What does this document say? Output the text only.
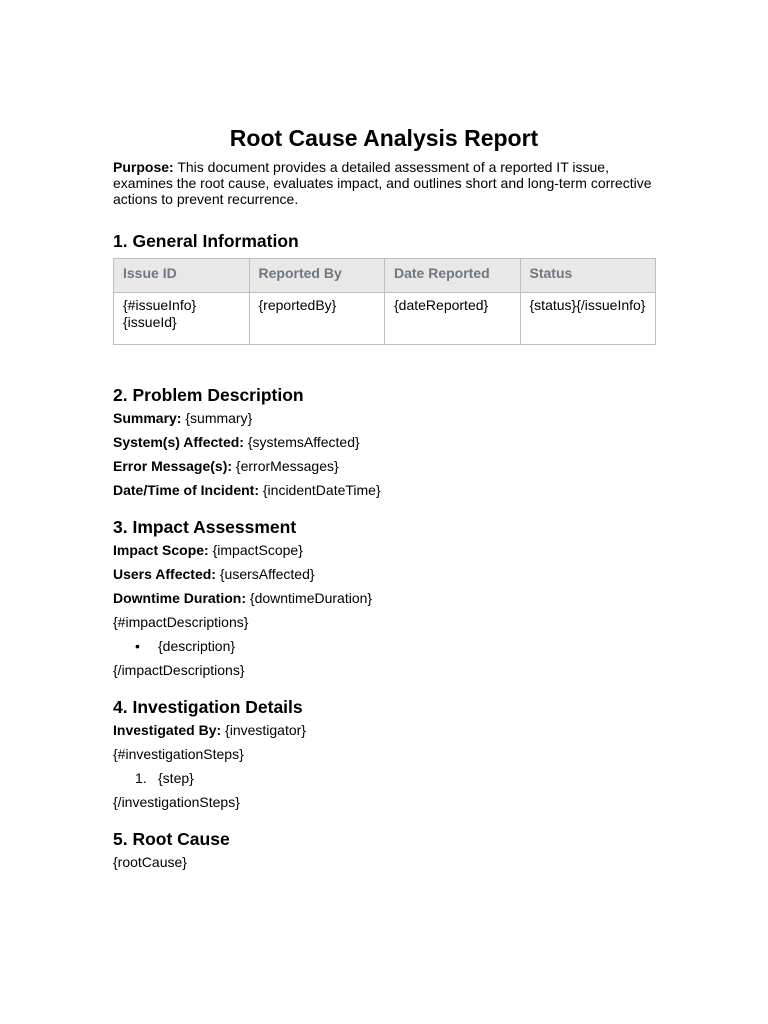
Root Cause Analysis Report

Purpose: This document provides a detailed assessment of a reported IT issue, examines the root cause, evaluates impact, and outlines short and long-term corrective actions to prevent recurrence.

1. General Information
Issue ID	Reported By	Date Reported	Status
{#issueInfo}
{issueId}	{reportedBy}	{dateReported}	{status}{/issueInfo}
2. Problem Description
Summary: {summary}
System(s) Affected: {systemsAffected}
Error Message(s): {errorMessages}
Date/Time of Incident: {incidentDateTime}
3. Impact Assessment
Impact Scope: {impactScope}
Users Affected: {usersAffected}
Downtime Duration: {downtimeDuration}
{#impactDescriptions}
• {description}
{/impactDescriptions}
4. Investigation Details
Investigated By: {investigator}
{#investigationSteps}
1. {step}
{/investigationSteps}
5. Root Cause
{rootCause}
